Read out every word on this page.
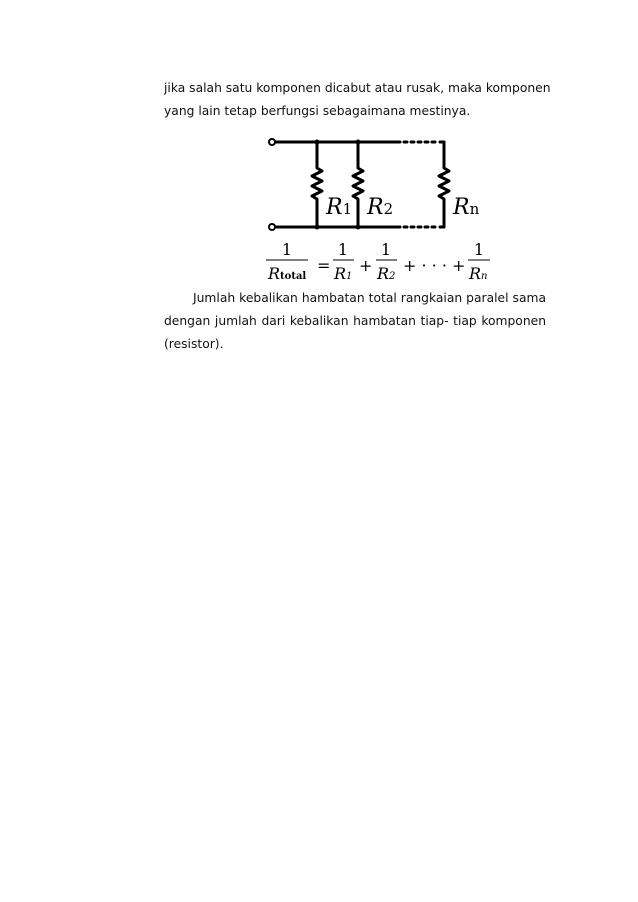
jika salah satu komponen dicabut atau rusak, maka komponen
yang lain tetap berfungsi sebagaimana mestinya.

R1 R2	Rn
1
Rtotal
=
1
R1
+
1
R2
+ · · · +
1
Rn

Jumlah kebalikan hambatan total rangkaian paralel sama
dengan jumlah dari kebalikan hambatan tiap- tiap komponen
(resistor).
